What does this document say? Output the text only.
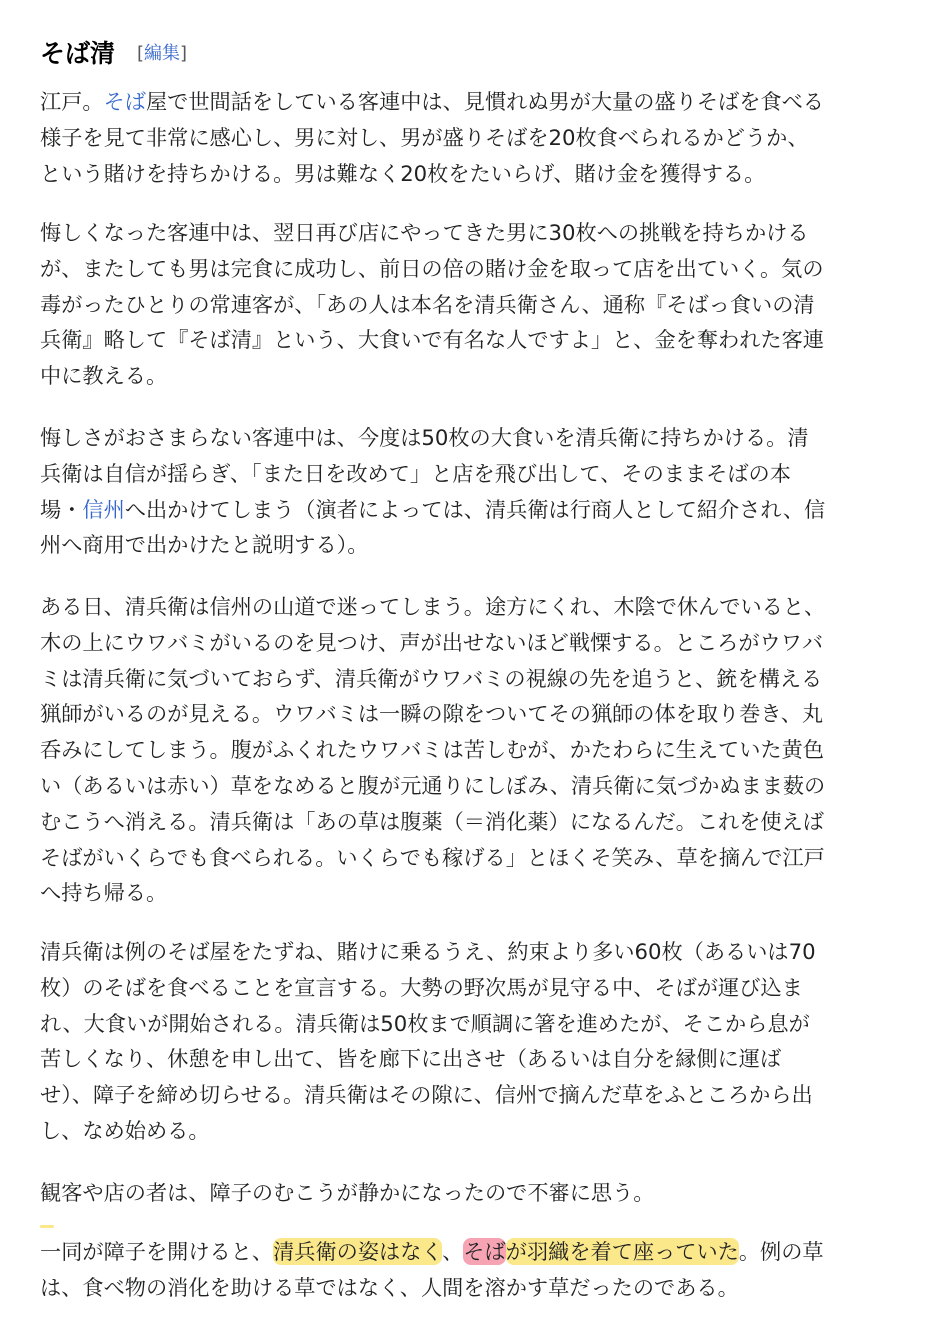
そば清 [編集]

江戸。そば屋で世間話をしている客連中は、見慣れぬ男が大量の盛りそばを食べる
様子を見て非常に感心し、男に対し、男が盛りそばを20枚食べられるかどうか、
という賭けを持ちかける。男は難なく20枚をたいらげ、賭け金を獲得する。

悔しくなった客連中は、翌日再び店にやってきた男に30枚への挑戦を持ちかける
が、またしても男は完食に成功し、前日の倍の賭け金を取って店を出ていく。気の
毒がったひとりの常連客が、「あの人は本名を清兵衛さん、通称『そばっ食いの清
兵衛』略して『そば清』という、大食いで有名な人ですよ」と、金を奪われた客連
中に教える。

悔しさがおさまらない客連中は、今度は50枚の大食いを清兵衛に持ちかける。清
兵衛は自信が揺らぎ、「また日を改めて」と店を飛び出して、そのままそばの本
場・信州へ出かけてしまう（演者によっては、清兵衛は行商人として紹介され、信
州へ商用で出かけたと説明する）。

ある日、清兵衛は信州の山道で迷ってしまう。途方にくれ、木陰で休んでいると、
木の上にウワバミがいるのを見つけ、声が出せないほど戦慄する。ところがウワバ
ミは清兵衛に気づいておらず、清兵衛がウワバミの視線の先を追うと、銃を構える
猟師がいるのが見える。ウワバミは一瞬の隙をついてその猟師の体を取り巻き、丸
呑みにしてしまう。腹がふくれたウワバミは苦しむが、かたわらに生えていた黄色
い（あるいは赤い）草をなめると腹が元通りにしぼみ、清兵衛に気づかぬまま薮の
むこうへ消える。清兵衛は「あの草は腹薬（＝消化薬）になるんだ。これを使えば
そばがいくらでも食べられる。いくらでも稼げる」とほくそ笑み、草を摘んで江戸
へ持ち帰る。

清兵衛は例のそば屋をたずね、賭けに乗るうえ、約束より多い60枚（あるいは70
枚）のそばを食べることを宣言する。大勢の野次馬が見守る中、そばが運び込ま
れ、大食いが開始される。清兵衛は50枚まで順調に箸を進めたが、そこから息が
苦しくなり、休憩を申し出て、皆を廊下に出させ（あるいは自分を縁側に運ば
せ）、障子を締め切らせる。清兵衛はその隙に、信州で摘んだ草をふところから出
し、なめ始める。

観客や店の者は、障子のむこうが静かになったので不審に思う。

一同が障子を開けると、清兵衛の姿はなく、そばが羽織を着て座っていた。例の草
は、食べ物の消化を助ける草ではなく、人間を溶かす草だったのである。
